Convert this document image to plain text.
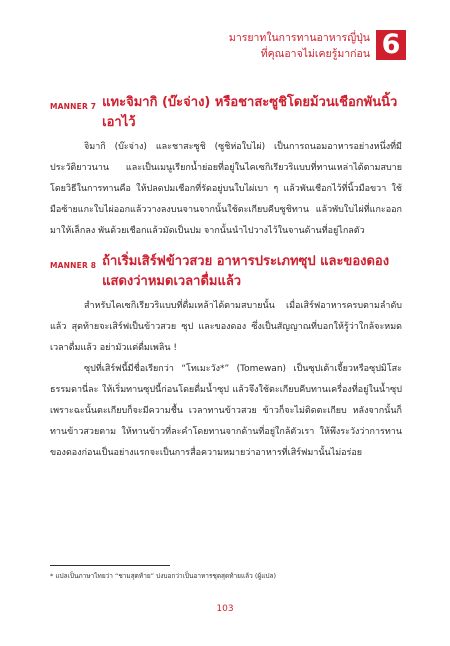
มารยาทในการทานอาหารญี่ปุ่น
ที่คุณอาจไม่เคยรู้มาก่อน 6
MANNER 7 แทะจิมากิ (บ๊ะจ่าง) หรือชาสะซูชิโดยม้วนเชือกพันนิ้วเอาไว้

จิมากิ (บ๊ะจ่าง) และชาสะซูชิ (ซูชิห่อใบไผ่) เป็นการถนอมอาหารอย่างหนึ่งที่มีประวัติยาวนาน และเป็นเมนูเรียกน้ำย่อยที่อยู่ในไคเซกิเรียวริแบบที่ทานเหล่าได้ตามสบาย โดยวิธีในการทานคือ ให้ปลดปมเชือกที่รัดอยู่บนใบไผ่เบา ๆ แล้วพันเชือกไว้ที่นิ้วมือขวา ใช้มือซ้ายแกะใบไผ่ออกแล้ววางลงบนจานจากนั้นใช้ตะเกียบคีบซูชิทาน แล้วพับใบไผ่ที่แกะออกมาให้เล็กลง พันด้วยเชือกแล้วมัดเป็นปม จากนั้นนำไปวางไว้ในจานด้านที่อยู่ไกลตัว

MANNER 8 ถ้าเริ่มเสิร์ฟข้าวสวย อาหารประเภทซุป และของดอง
แสดงว่าหมดเวลาดื่มแล้ว

สำหรับไคเซกิเรียวริแบบที่ดื่มเหล้าได้ตามสบายนั้น เมื่อเสิร์ฟอาหารครบตามลำดับแล้ว สุดท้ายจะเสิร์ฟเป็นข้าวสวย ซุป และของดอง ซึ่งเป็นสัญญาณที่บอกให้รู้ว่าใกล้จะหมดเวลาดื่มแล้ว อย่ามัวแต่ดื่มเพลิน !

ซุปที่เสิร์ฟนี้มีชื่อเรียกว่า “โทเมะวัง*” (Tomewan) เป็นซุปเต้าเจี้ยวหรือซุปมิโสะธรรมดานี่ละ ให้เริ่มทานซุปนี้ก่อนโดยดื่มน้ำซุป แล้วจึงใช้ตะเกียบคีบทานเครื่องที่อยู่ในน้ำซุป เพราะฉะนั้นตะเกียบก็จะมีความชื้น เวลาทานข้าวสวย ข้าวก็จะไม่ติดตะเกียบ หลังจากนั้นก็ทานข้าวสวยตาม ให้ทานข้าวที่ละคำโดยทานจากด้านที่อยู่ใกล้ตัวเรา ให้พึงระวังว่าการทานของดองก่อนเป็นอย่างแรกจะเป็นการสื่อความหมายว่าอาหารที่เสิร์ฟมานั้นไม่อร่อย

* แปลเป็นภาษาไทยว่า “ชามสุดท้าย” บ่งบอกว่าเป็นอาหารชุดสุดท้ายแล้ว (ผู้แปล)
103
